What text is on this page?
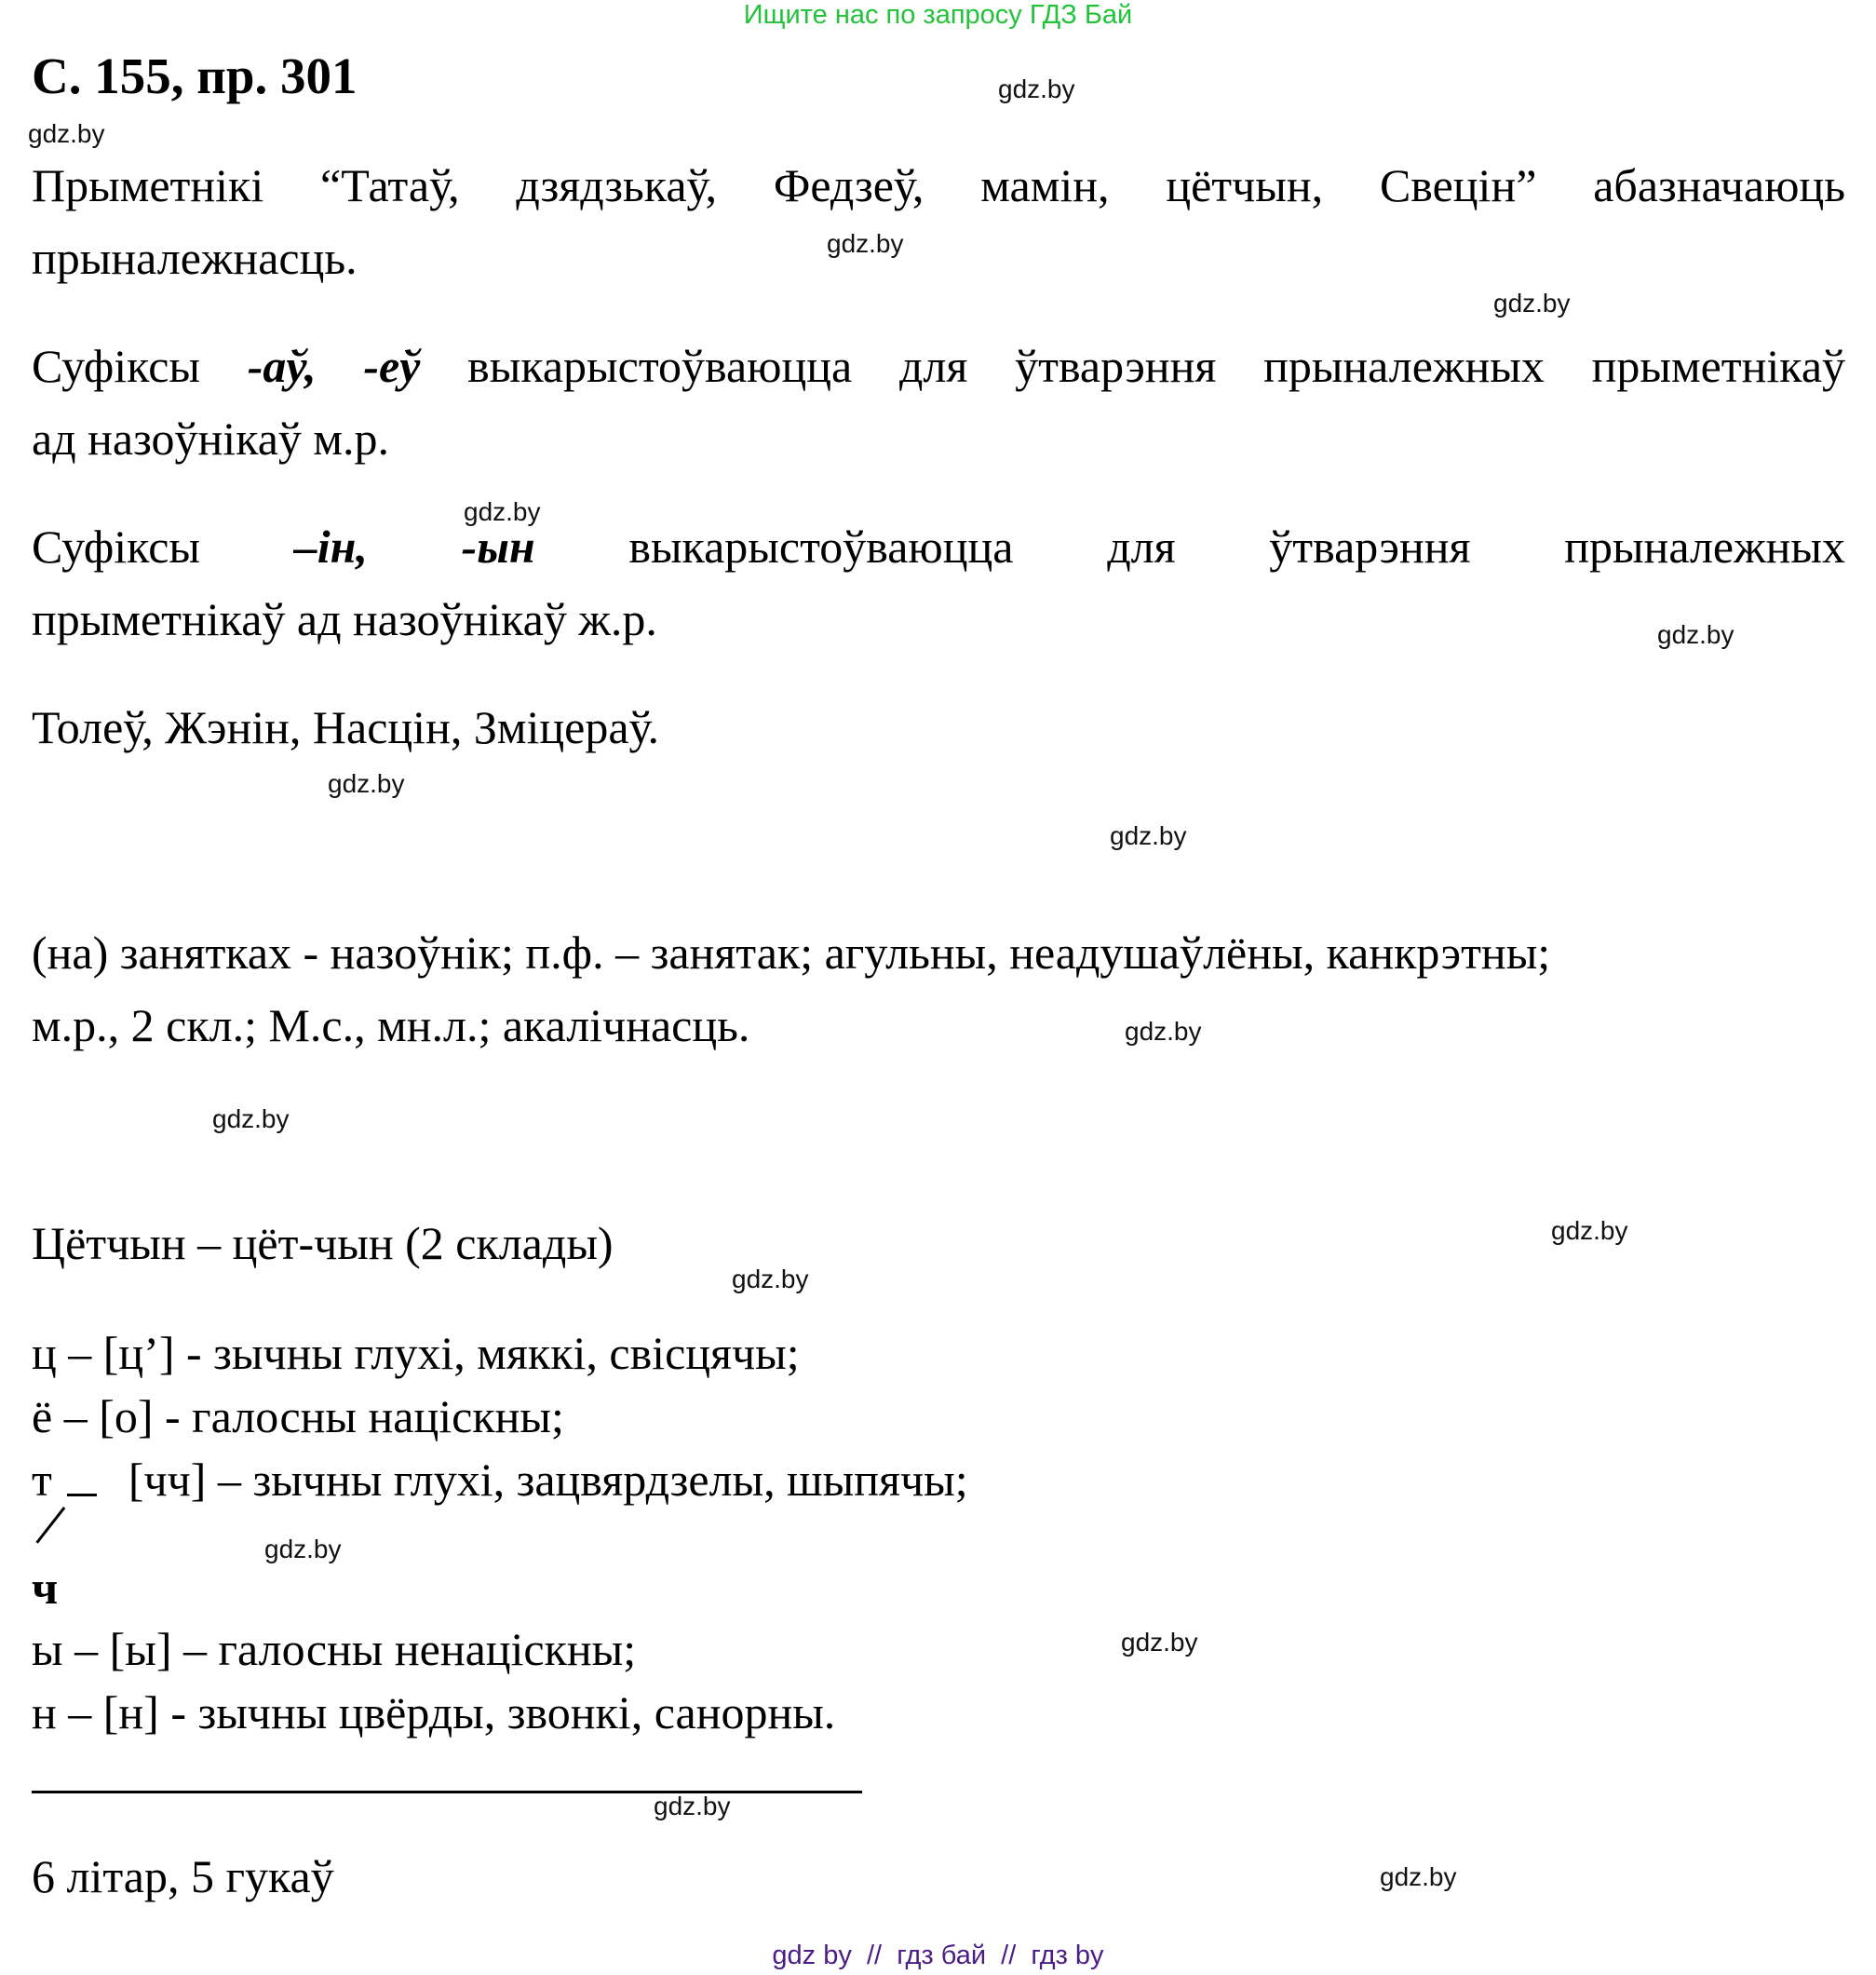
Ищите нас по запросу ГДЗ Бай
С. 155, пр. 301
Прыметнікі “Татаў, дзядзькаў, Федзеў, мамін, цётчын, Свецін” абазначаюць
прыналежнасць.
Суфіксы -аў, -еў выкарыстоўваюцца для ўтварэння прыналежных прыметнікаў
ад назоўнікаў м.р.
Суфіксы –ін, -ын выкарыстоўваюцца для ўтварэння прыналежных
прыметнікаў ад назоўнікаў ж.р.
Толеў, Жэнін, Насцін, Зміцераў.
(на) занятках - назоўнік; п.ф. – занятак; агульны, неадушаўлёны, канкрэтны;
м.р., 2 скл.; М.с., мн.л.; акалічнасць.
Цётчын – цёт-чын (2 склады)
ц – [ц’] - зычны глухі, мяккі, свісцячы;
ё – [о] - галосны націскны;
т [чч] – зычны глухі, зацвярдзелы, шыпячы;
ч
ы – [ы] – галосны ненаціскны;
н – [н] - зычны цвёрды, звонкі, санорны.
6 літар, 5 гукаў
gdz.by
gdz.by
gdz.by
gdz.by
gdz.by
gdz.by
gdz.by
gdz.by
gdz.by
gdz.by
gdz.by
gdz.by
gdz.by
gdz.by
gdz.by
gdz.by
gdz by  //  гдз бай  //  гдз by
